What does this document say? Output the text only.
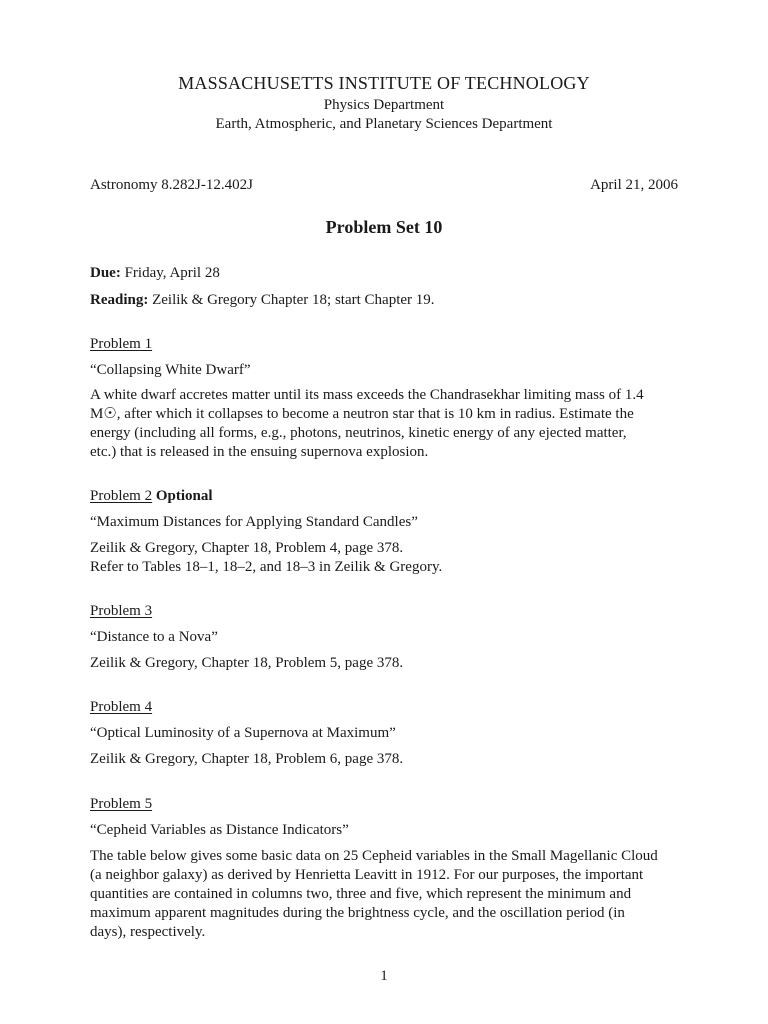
MASSACHUSETTS INSTITUTE OF TECHNOLOGY
Physics Department
Earth, Atmospheric, and Planetary Sciences Department
Astronomy 8.282J-12.402J	April 21, 2006
Problem Set 10
Due: Friday, April 28
Reading: Zeilik & Gregory Chapter 18; start Chapter 19.
Problem 1
“Collapsing White Dwarf”
A white dwarf accretes matter until its mass exceeds the Chandrasekhar limiting mass of 1.4
M☉, after which it collapses to become a neutron star that is 10 km in radius. Estimate the
energy (including all forms, e.g., photons, neutrinos, kinetic energy of any ejected matter,
etc.) that is released in the ensuing supernova explosion.
Problem 2 Optional
“Maximum Distances for Applying Standard Candles”
Zeilik & Gregory, Chapter 18, Problem 4, page 378.
Refer to Tables 18–1, 18–2, and 18–3 in Zeilik & Gregory.
Problem 3
“Distance to a Nova”
Zeilik & Gregory, Chapter 18, Problem 5, page 378.
Problem 4
“Optical Luminosity of a Supernova at Maximum”
Zeilik & Gregory, Chapter 18, Problem 6, page 378.
Problem 5
“Cepheid Variables as Distance Indicators”
The table below gives some basic data on 25 Cepheid variables in the Small Magellanic Cloud
(a neighbor galaxy) as derived by Henrietta Leavitt in 1912. For our purposes, the important
quantities are contained in columns two, three and five, which represent the minimum and
maximum apparent magnitudes during the brightness cycle, and the oscillation period (in
days), respectively.
1
